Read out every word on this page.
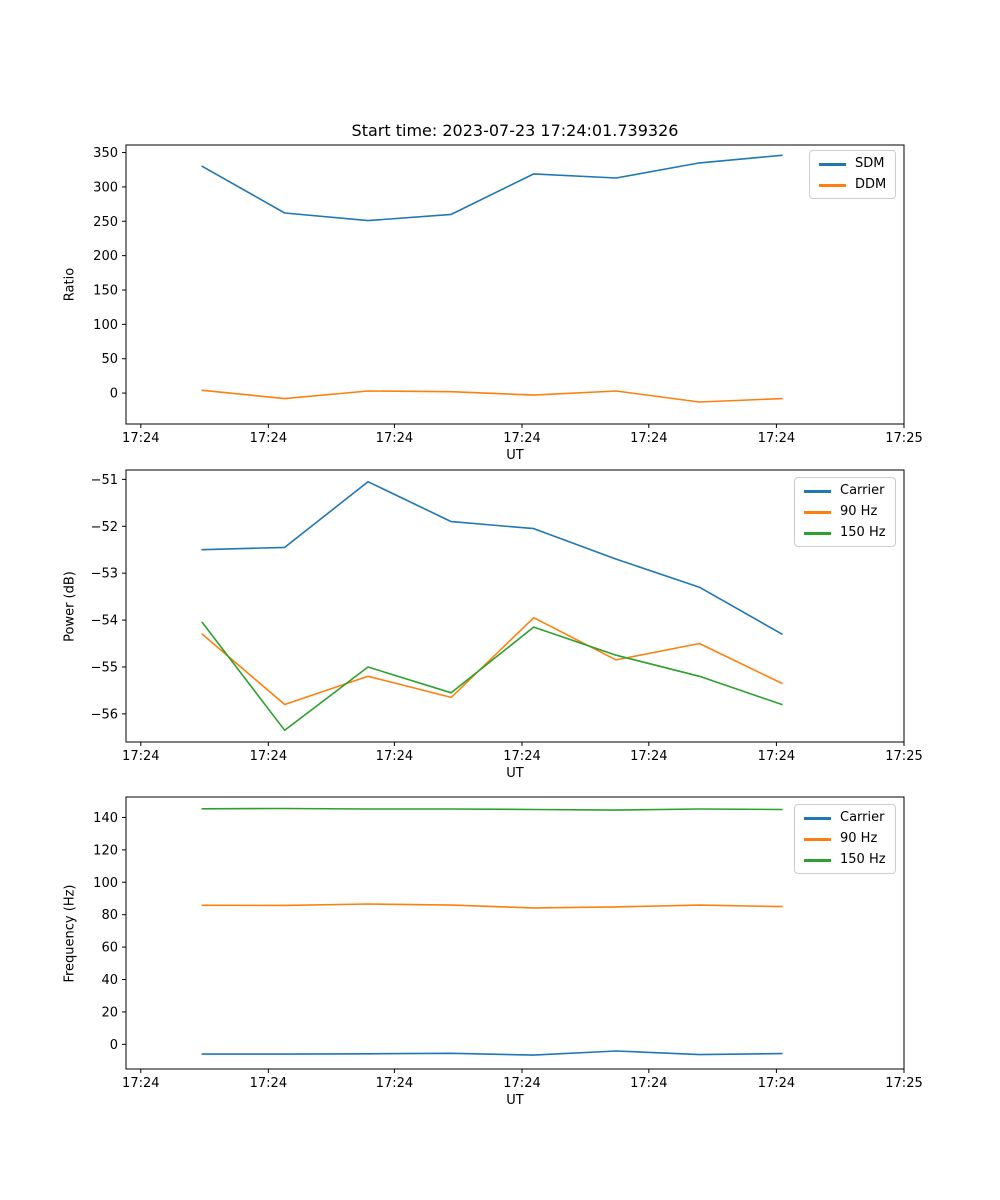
0
50
100
150
200
250
300
350
17:24	17:24	17:24	17:24	17:24	17:24	17:25
−51
−52
−53
−54
−55
−56
17:24	17:24	17:24	17:24	17:24	17:24	17:25
0
20
40
60
80
100
120
140
17:24	17:24	17:24	17:24	17:24	17:24	17:25
Start time: 2023-07-23 17:24:01.739326
Ratio
Power (dB)
Frequency (Hz)
UT
UT
UT
SDM
DDM
Carrier
90 Hz
150 Hz
Carrier
90 Hz
150 Hz
